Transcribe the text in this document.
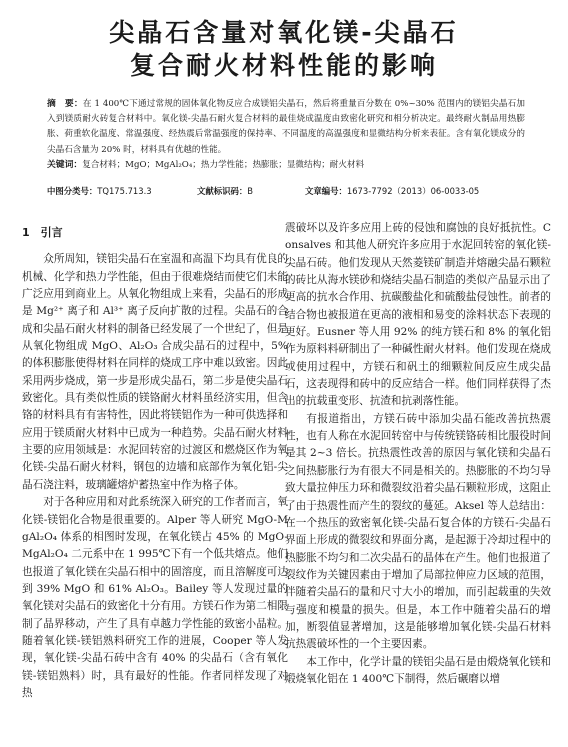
尖晶石含量对氧化镁-尖晶石
复合耐火材料性能的影响
摘　要：在 1 400℃下通过常规的固体氧化物反应合成镁铝尖晶石，然后将重量百分数在 0%~30% 范围内的镁铝尖晶石加入到镁质耐火砖复合材料中。氧化镁-尖晶石耐火复合材料的最佳烧成温度由致密化研究和相分析决定。最终耐火制品用热膨胀、荷重软化温度、常温强度、经热震后常温强度的保持率、不同温度的高温强度和显微结构分析来表征。含有氧化镁成分的尖晶石含量为 20% 时，材料具有优越的性能。
关键词：复合材料；MgO；MgAl₂O₄；热力学性能；热膨胀；显微结构；耐火材料
中图分类号：TQ175.713.3	文献标识码：B	文章编号：1673-7792（2013）06-0033-05
1　引言

众所周知，镁铝尖晶石在室温和高温下均具有优良的机械、化学和热力学性能，但由于很难烧结而使它们未能广泛应用到商业上。从氧化物组成上来看，尖晶石的形成是 Mg²⁺ 离子和 Al³⁺ 离子反向扩散的过程。尖晶石的合成和尖晶石耐火材料的制备已经发展了一个世纪了，但是从氧化物组成 MgO、Al₂O₃ 合成尖晶石的过程中，5% 的体积膨胀使得材料在同样的烧成工序中难以致密。因此采用两步烧成，第一步是形成尖晶石，第二步是使尖晶石致密化。具有类似性质的镁铬耐火材料虽经济实用，但含铬的材料具有有害特性，因此将镁铝作为一种可供选择和应用于镁质耐火材料中已成为一种趋势。尖晶石耐火材料主要的应用领域是：水泥回转窑的过渡区和燃烧区作为氧化镁-尖晶石耐火材料，钢包的边墙和底部作为氧化铝-尖晶石浇注料，玻璃罐熔炉蓄热室中作为格子体。

对于各种应用和对此系统深入研究的工作者而言，氧化镁-镁铝化合物是很重要的。Alper 等人研究 MgO-MgAl₂O₄ 体系的相图时发现，在氧化镁占 45% 的 MgO-MgAl₂O₄ 二元系中在 1 995℃下有一个低共熔点。他们也报道了氧化镁在尖晶石相中的固溶度，而且溶解度可达到 39% MgO 和 61% Al₂O₃。Bailey 等人发现过量的氧化镁对尖晶石的致密化十分有用。方镁石作为第二相限制了晶界移动，产生了具有卓越力学性能的致密小晶粒。随着氧化镁-镁铝熟料研究工作的进展，Cooper 等人发现，氧化镁-尖晶石砖中含有 40% 的尖晶石（含有氧化镁-镁铝熟料）时，具有最好的性能。作者同样发现了对热

震破坏以及许多应用上砖的侵蚀和腐蚀的良好抵抗性。Consalves 和其他人研究许多应用于水泥回转窑的氧化镁-尖晶石砖。他们发现从天然菱镁矿制造并熔融尖晶石颗粒的砖比从海水镁砂和烧结尖晶石制造的类似产品显示出了更高的抗水合作用、抗碳酸盐化和硫酸盐侵蚀性。前者的结合物也被报道在更高的液相和易变的涂料状态下表现的更好。Eusner 等人用 92% 的纯方镁石和 8% 的氧化铝作为原料料研制出了一种碱性耐火材料。他们发现在烧成或使用过程中，方镁石和矾土的细颗粒间反应生成尖晶石，这表现得和砖中的反应结合一样。他们同样获得了杰出的抗载重变形、抗渣和抗剥落性能。

有报道指出，方镁石砖中添加尖晶石能改善抗热震性，也有人称在水泥回转窑中与传统镁铬砖相比服役时间是其 2~3 倍长。抗热震性改善的原因与氧化镁和尖晶石之间热膨胀行为有很大不同是相关的。热膨胀的不均匀导致大量拉伸压力环和微裂纹沿着尖晶石颗粒形成，这阻止了由于热震性而产生的裂纹的蔓延。Aksel 等人总结出：在一个热压的致密氧化镁-尖晶石复合体的方镁石-尖晶石界面上形成的微裂纹和界面分离，是起源于冷却过程中的热膨胀不均匀和二次尖晶石的晶体在产生。他们也报道了裂纹作为关键因素由于增加了局部拉伸应力区域的范围，伴随着尖晶石的量和尺寸大小的增加，而引起载重的失效与强度和模量的损失。但是，本工作中随着尖晶石的增加，断裂值显著增加，这是能够增加氧化镁-尖晶石材料抗热震破坏性的一个主要因素。

本工作中，化学计量的镁铝尖晶石是由煅烧氧化镁和煅烧氧化铝在 1 400℃下制得，然后碾磨以增
